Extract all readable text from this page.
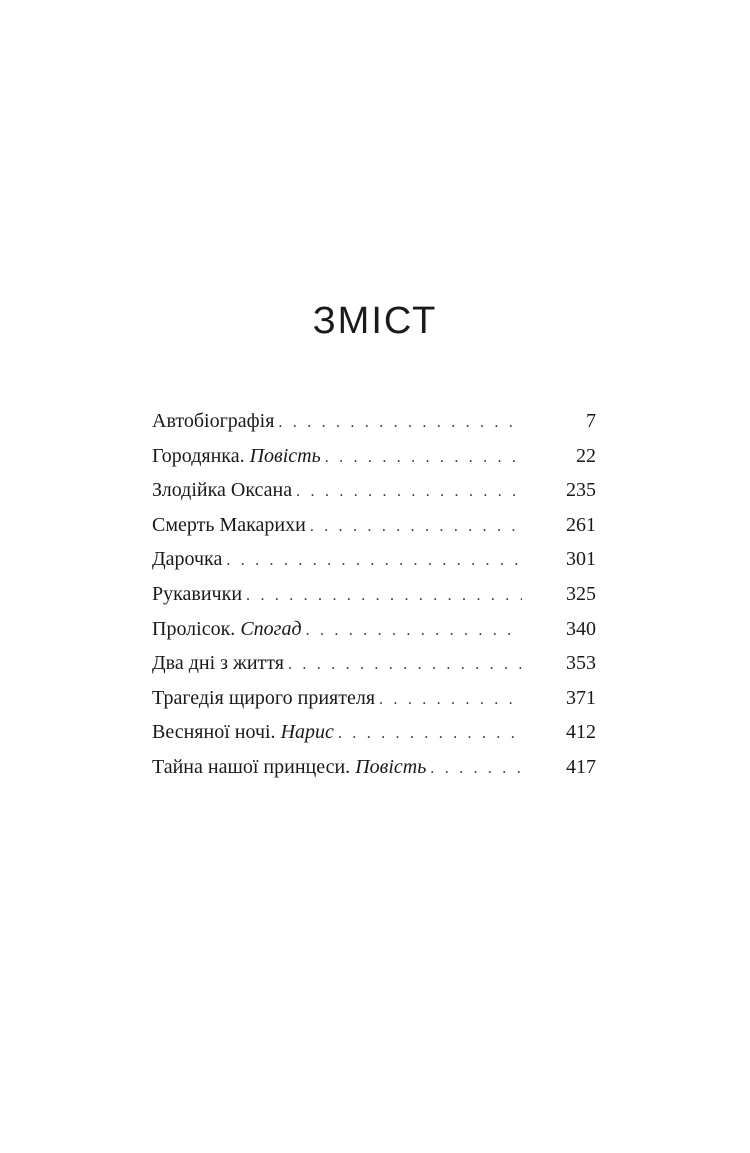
ЗМІСТ
Автобіографія . . .	7
Городянка. Повість . . .	22
Злодійка Оксана . . .	235
Смерть Макарихи . . .	261
Дарочка . . .	301
Рукавички . . .	325
Пролісок. Спогад . . .	340
Два дні з життя . . .	353
Трагедія щирого приятеля . . .	371
Весняної ночі. Нарис . . .	412
Тайна нашої принцеси. Повість . . .	417
